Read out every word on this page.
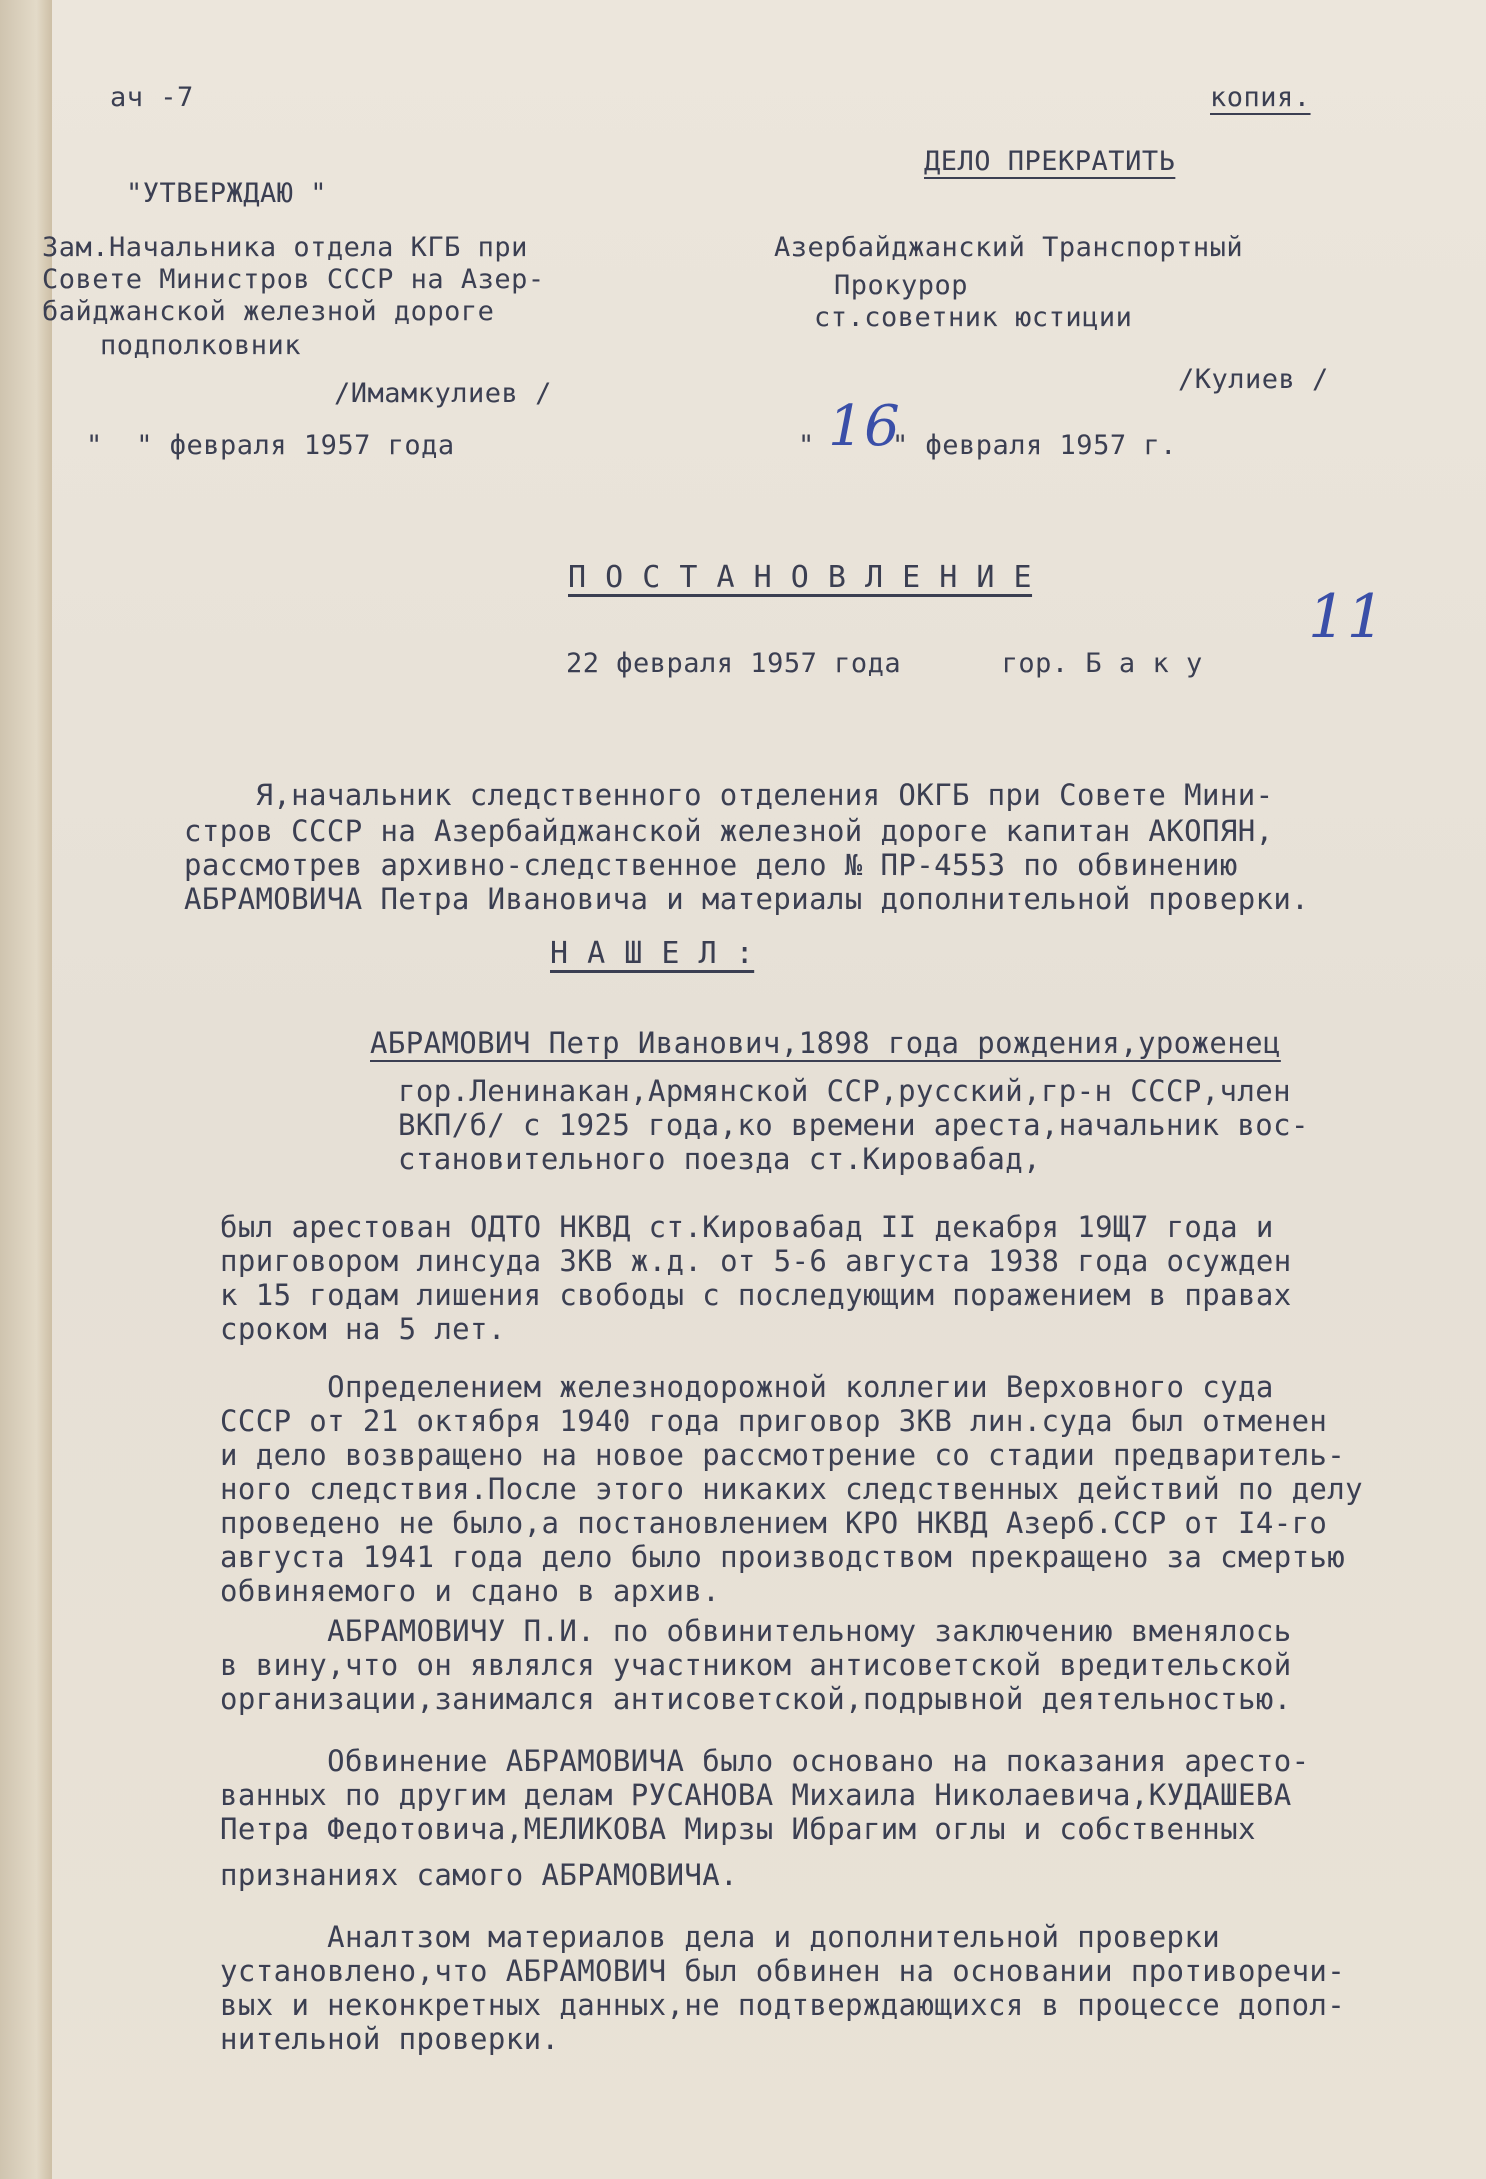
ач -7	копия.
"УТВЕРЖДАЮ "
Зам.Начальника отдела КГБ при
Совете Министров СССР на Азер-
байджанской железной дороге
подполковник
/Имамкулиев /
"  " февраля 1957 года
ДЕЛО ПРЕКРАТИТЬ
Азербайджанский Транспортный
Прокурор
ст.советник юстиции
/Кулиев /
" 16
" февраля 1957 г.
П О С Т А Н О В Л Е Н И Е
11
22 февраля 1957 года      гор. Б а к у
Я,начальник следственного отделения ОКГБ при Совете Мини-
стров СССР на Азербайджанской железной дороге капитан АКОПЯН,
рассмотрев архивно-следственное дело № ПР-4553 по обвинению
АБРАМОВИЧА Петра Ивановича и материалы дополнительной проверки.
Н А Ш Е Л :
АБРАМОВИЧ Петр Иванович,1898 года рождения,уроженец
гор.Ленинакан,Армянской ССР,русский,гр-н СССР,член
ВКП/б/ с 1925 года,ко времени ареста,начальник вос-
становительного поезда ст.Кировабад,
был арестован ОДТО НКВД ст.Кировабад II декабря 19Щ7 года и
приговором линсуда ЗКВ ж.д. от 5-6 августа 1938 года осужден
к 15 годам лишения свободы с последующим поражением в правах
сроком на 5 лет.
Определением железнодорожной коллегии Верховного суда
СССР от 21 октября 1940 года приговор ЗКВ лин.суда был отменен
и дело возвращено на новое рассмотрение со стадии предваритель-
ного следствия.После этого никаких следственных действий по делу
проведено не было,а постановлением КРО НКВД Азерб.ССР от I4-го
августа 1941 года дело было производством прекращено за смертью
обвиняемого и сдано в архив.
АБРАМОВИЧУ П.И. по обвинительному заключению вменялось
в вину,что он являлся участником антисоветской вредительской
организации,занимался антисоветской,подрывной деятельностью.
Обвинение АБРАМОВИЧА было основано на показания аресто-
ванных по другим делам РУСАНОВА Михаила Николаевича,КУДАШЕВА
Петра Федотовича,МЕЛИКОВА Мирзы Ибрагим оглы и собственных
признаниях самого АБРАМОВИЧА.
Аналтзом материалов дела и дополнительной проверки
установлено,что АБРАМОВИЧ был обвинен на основании противоречи-
вых и неконкретных данных,не подтверждающихся в процессе допол-
нительной проверки.
